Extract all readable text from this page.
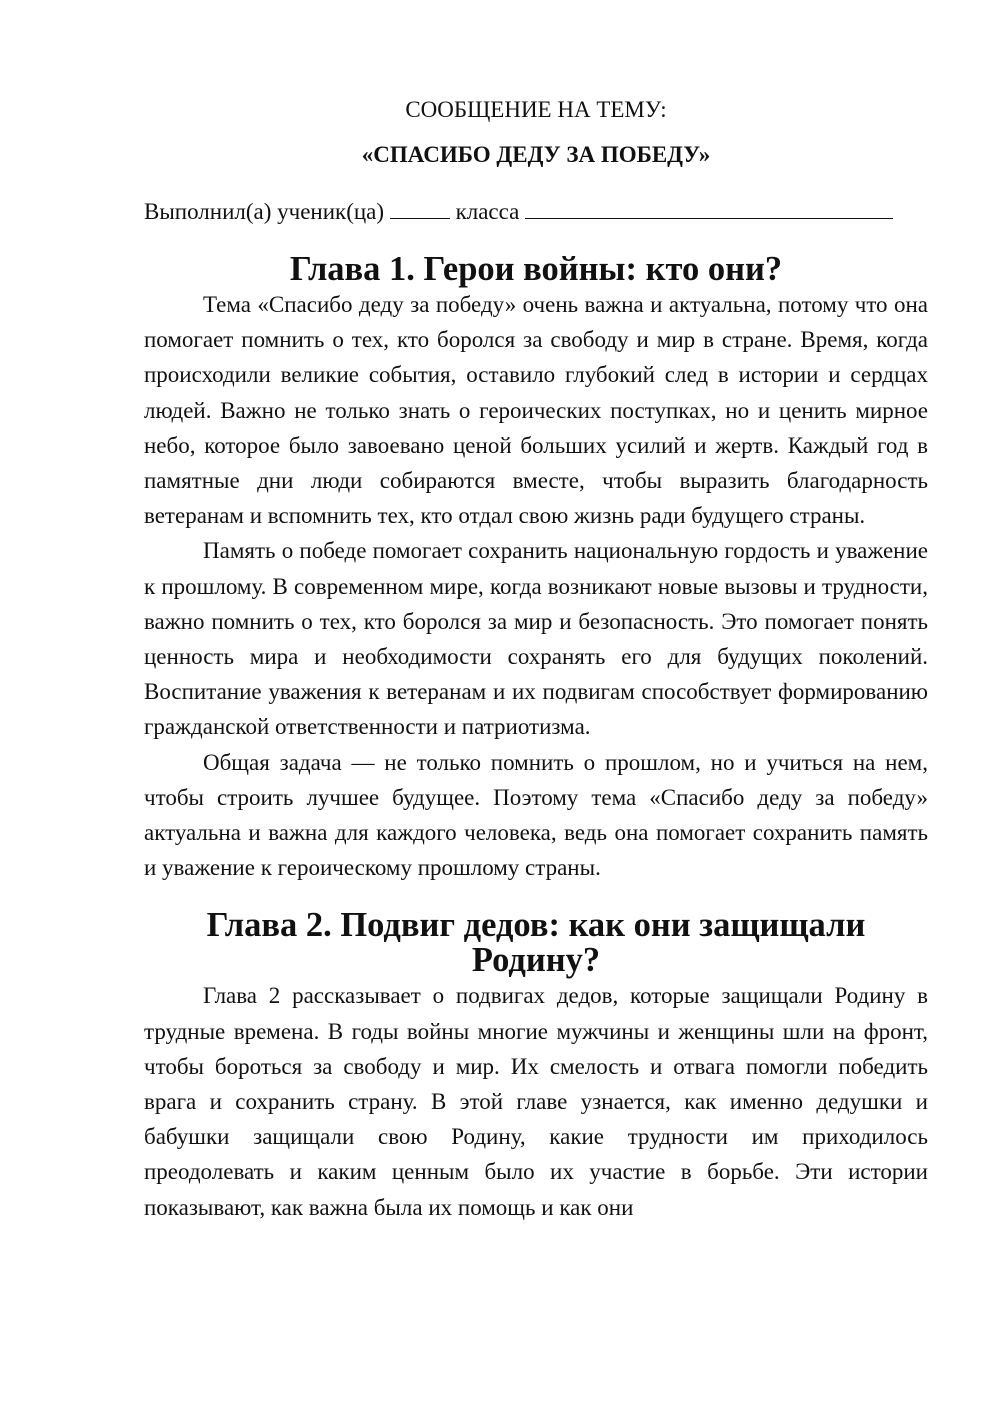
СООБЩЕНИЕ НА ТЕМУ:
«СПАСИБО ДЕДУ ЗА ПОБЕДУ»
Выполнил(а) ученик(ца)	класса
Глава 1. Герои войны: кто они?

Тема «Спасибо деду за победу» очень важна и актуальна, потому что она помогает помнить о тех, кто боролся за свободу и мир в стране. Время, когда происходили великие события, оставило глубокий след в истории и сердцах людей. Важно не только знать о героических поступках, но и ценить мирное небо, которое было завоевано ценой больших усилий и жертв. Каждый год в памятные дни люди собираются вместе, чтобы выразить благодарность ветеранам и вспомнить тех, кто отдал свою жизнь ради будущего страны.

Память о победе помогает сохранить национальную гордость и уважение к прошлому. В современном мире, когда возникают новые вызовы и трудности, важно помнить о тех, кто боролся за мир и безопасность. Это помогает понять ценность мира и необходимости сохранять его для будущих поколений. Воспитание уважения к ветеранам и их подвигам способствует формированию гражданской ответственности и патриотизма.

Общая задача — не только помнить о прошлом, но и учиться на нем, чтобы строить лучшее будущее. Поэтому тема «Спасибо деду за победу» актуальна и важна для каждого человека, ведь она помогает сохранить память и уважение к героическому прошлому страны.

Глава 2. Подвиг дедов: как они защищали Родину?

Глава 2 рассказывает о подвигах дедов, которые защищали Родину в трудные времена. В годы войны многие мужчины и женщины шли на фронт, чтобы бороться за свободу и мир. Их смелость и отвага помогли победить врага и сохранить страну. В этой главе узнается, как именно дедушки и бабушки защищали свою Родину, какие трудности им приходилось преодолевать и каким ценным было их участие в борьбе. Эти истории показывают, как важна была их помощь и как они
